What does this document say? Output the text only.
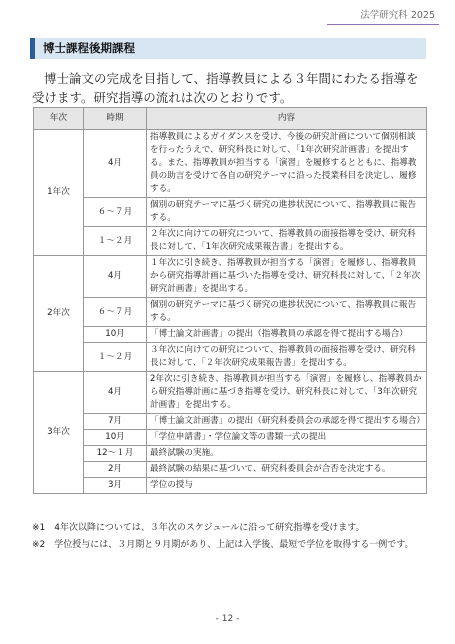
法学研究科 2025
博士課程後期課程
博士論文の完成を目指して、指導教員による３年間にわたる指導を受けます。研究指導の流れは次のとおりです。
年次	時期	内容
1年次	4月	指導教員によるガイダンスを受け、今後の研究計画について個別相談を行ったうえで、研究科長に対して、「1年次研究計画書」を提出する。また、指導教員が担当する「演習」を履修するとともに、指導教員の助言を受けて各自の研究テーマに沿った授業科目を決定し、履修する。
	６～７月	個別の研究テーマに基づく研究の進捗状況について、指導教員に報告する。
	１～２月	２年次に向けての研究について、指導教員の面接指導を受け、研究科長に対して、「1年次研究成果報告書」を提出する。
2年次	4月	１年次に引き続き、指導教員が担当する「演習」を履修し、指導教員から研究指導計画に基づいた指導を受け、研究科長に対して、「２年次研究計画書」を提出する。
	６～７月	個別の研究テーマに基づく研究の進捗状況について、指導教員に報告する。
	10月	「博士論文計画書」の提出（指導教員の承認を得て提出する場合）
	１～２月	３年次に向けての研究について、指導教員の面接指導を受け、研究科長に対して、「２年次研究成果報告書」を提出する。
3年次	4月	2年次に引き続き、指導教員が担当する「演習」を履修し、指導教員から研究指導計画に基づき指導を受け、研究科長に対して、「3年次研究計画書」を提出する。
	7月	「博士論文計画書」の提出（研究科委員会の承認を得て提出する場合）
	10月	「学位申請書」・学位論文等の書類一式の提出
	12～１月	最終試験の実施。
	2月	最終試験の結果に基づいて、研究科委員会が合否を決定する。
	3月	学位の授与
※1　4年次以降については、３年次のスケジュールに沿って研究指導を受けます。
※2　学位授与には、３月期と９月期があり、上記は入学後、最短で学位を取得する一例です。
- 12 -
